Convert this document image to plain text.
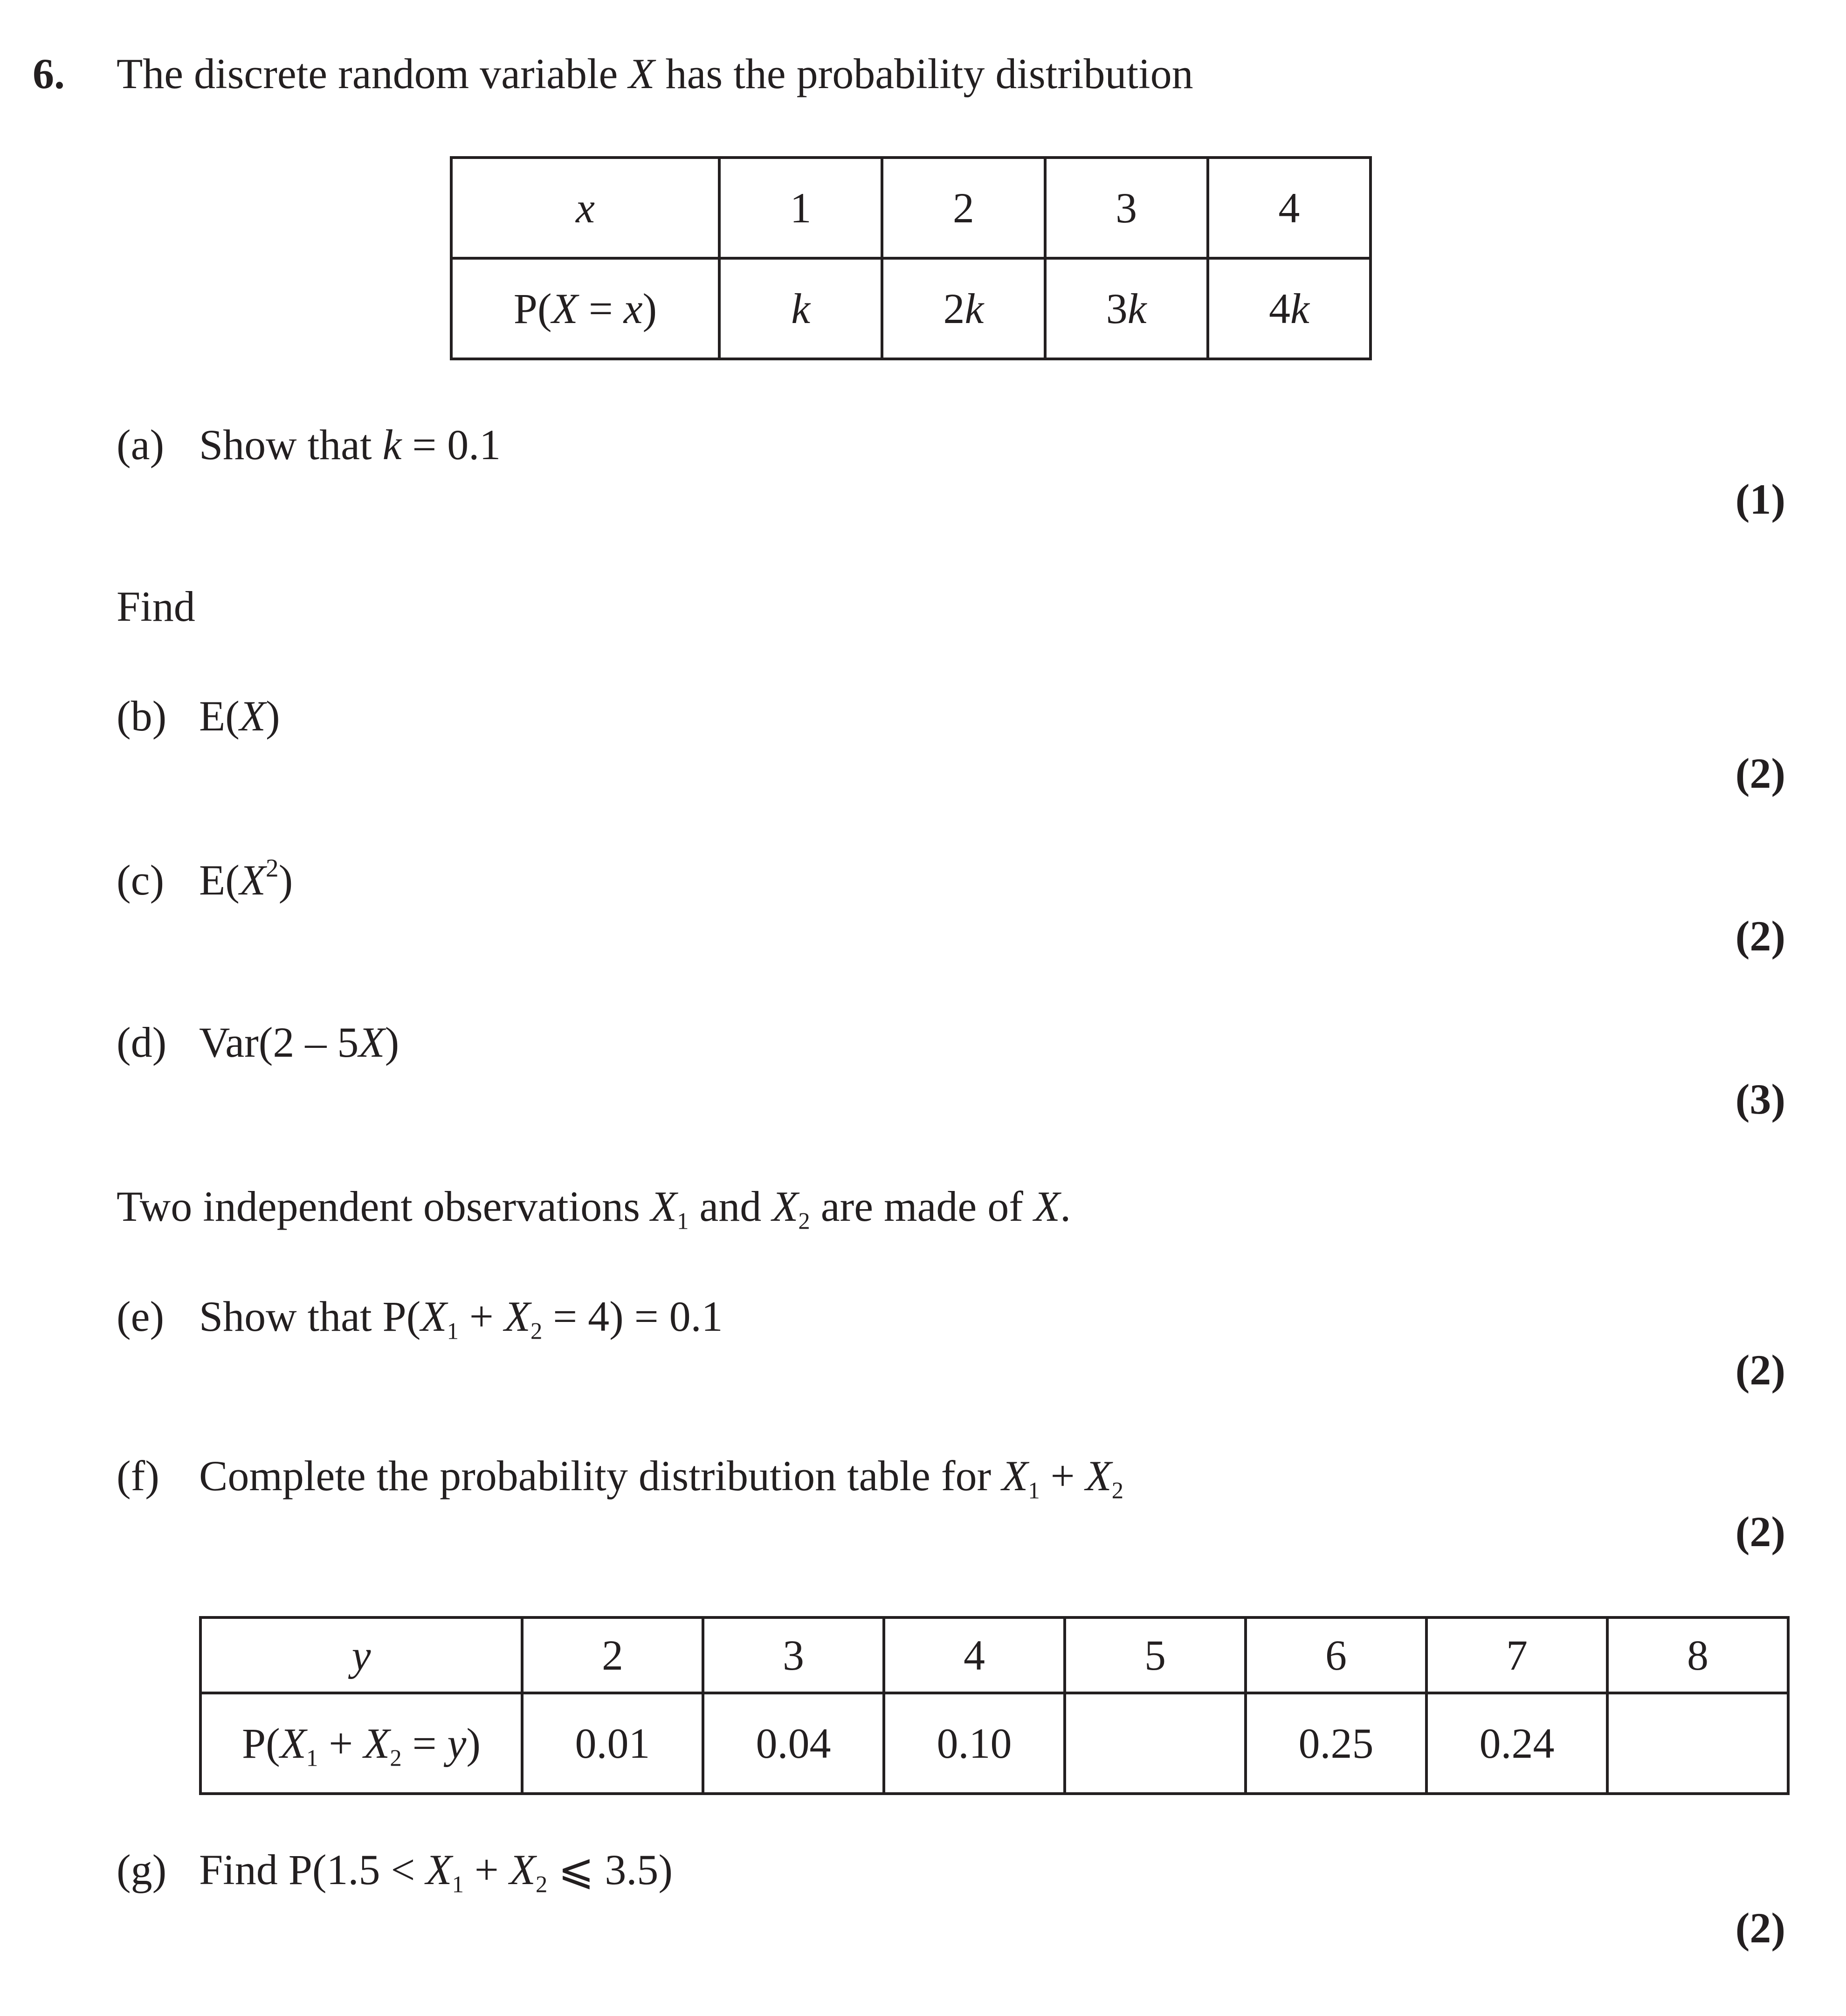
6. The discrete random variable X has the probability distribution
x	1	2	3	4
P(X = x)	k	2k	3k	4k
(a) Show that k = 0.1
(1)
Find
(b) E(X)
(2)
(c) $E(X^2)$
(2)
(d) Var(2 – 5X)
(3)
Two independent observations $X_1$ and $X_2$ are made of X.
(e) Show that $P(X_1 + X_2 = 4) = 0.1$
(2)
(f) Complete the probability distribution table for $X_1 + X_2$
(2)
y	2	3	4	5	6	7	8
$P(X_1 + X_2 = y)$	0.01	0.04	0.10		0.25	0.24	
(g) Find $P(1.5 < X_1 + X_2$ ⩽ 3.5)
(2)
